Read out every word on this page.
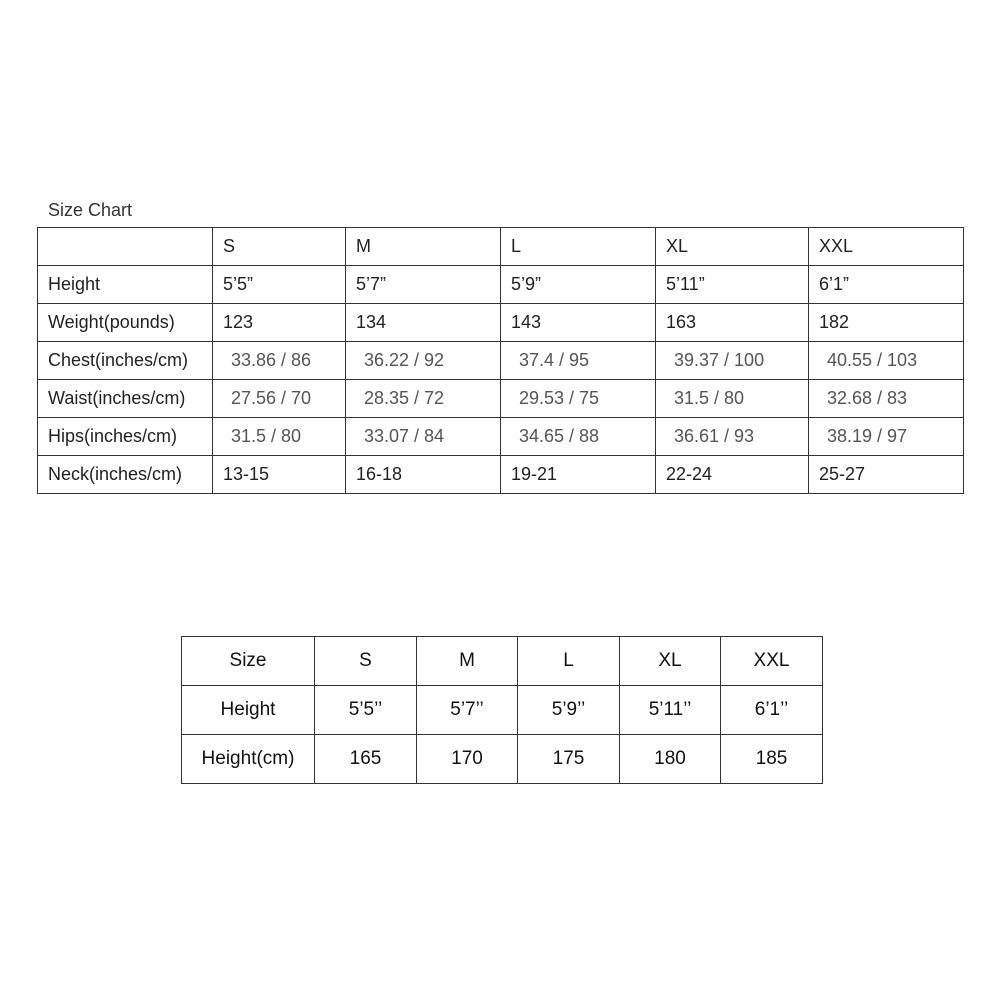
Size Chart
	S	M	L	XL	XXL
Height	5’5”	5’7”	5’9”	5’11”	6’1”
Weight(pounds)	123	134	143	163	182
Chest(inches/cm)	33.86 / 86	36.22 / 92	37.4 / 95	39.37 / 100	40.55 / 103
Waist(inches/cm)	27.56 / 70	28.35 / 72	29.53 / 75	31.5 / 80	32.68 / 83
Hips(inches/cm)	31.5 / 80	33.07 / 84	34.65 / 88	36.61 / 93	38.19 / 97
Neck(inches/cm)	13-15	16-18	19-21	22-24	25-27
Size	S	M	L	XL	XXL
Height	5’5’’	5’7’’	5’9’’	5’11’’	6’1’’
Height(cm)	165	170	175	180	185
